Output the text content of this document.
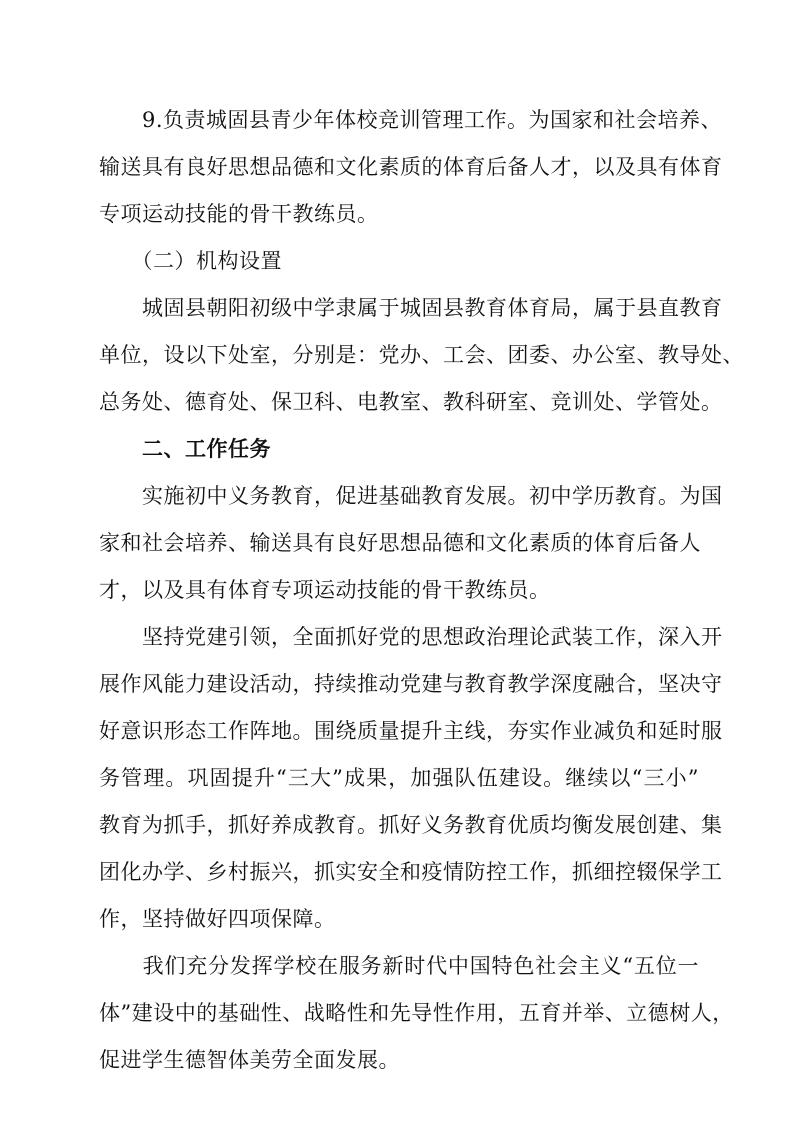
　　9.负责城固县青少年体校竞训管理工作。为国家和社会培养、
输送具有良好思想品德和文化素质的体育后备人才，以及具有体育
专项运动技能的骨干教练员。
　　（二）机构设置
　　城固县朝阳初级中学隶属于城固县教育体育局，属于县直教育
单位，设以下处室，分别是：党办、工会、团委、办公室、教导处、
总务处、德育处、保卫科、电教室、教科研室、竞训处、学管处。
　　二、工作任务
　　实施初中义务教育，促进基础教育发展。初中学历教育。为国
家和社会培养、输送具有良好思想品德和文化素质的体育后备人
才，以及具有体育专项运动技能的骨干教练员。
　　坚持党建引领，全面抓好党的思想政治理论武装工作，深入开
展作风能力建设活动，持续推动党建与教育教学深度融合，坚决守
好意识形态工作阵地。围绕质量提升主线，夯实作业减负和延时服
务管理。巩固提升“三大”成果，加强队伍建设。继续以“三小”
教育为抓手，抓好养成教育。抓好义务教育优质均衡发展创建、集
团化办学、乡村振兴，抓实安全和疫情防控工作，抓细控辍保学工
作，坚持做好四项保障。
　　我们充分发挥学校在服务新时代中国特色社会主义“五位一
体”建设中的基础性、战略性和先导性作用，五育并举、立德树人，
促进学生德智体美劳全面发展。
